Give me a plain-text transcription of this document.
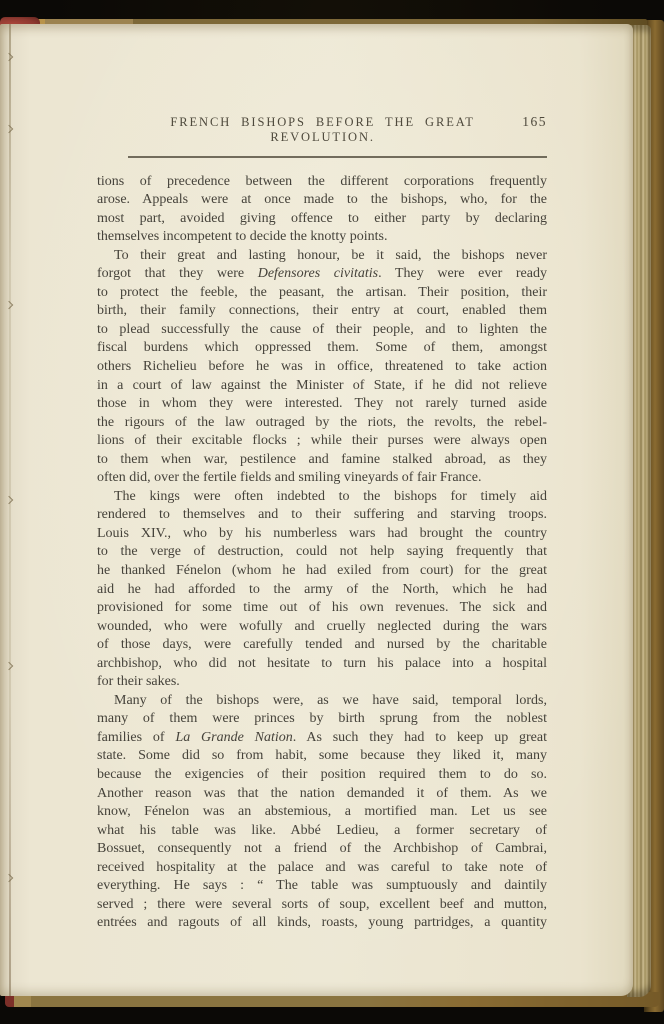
FRENCH BISHOPS BEFORE THE GREAT REVOLUTION.
165
tions of precedence between the different corporations frequently
arose. Appeals were at once made to the bishops, who, for the
most part, avoided giving offence to either party by declaring
themselves incompetent to decide the knotty points.
To their great and lasting honour, be it said, the bishops never
forgot that they were Defensores civitatis. They were ever ready
to protect the feeble, the peasant, the artisan. Their position, their
birth, their family connections, their entry at court, enabled them
to plead successfully the cause of their people, and to lighten the
fiscal burdens which oppressed them. Some of them, amongst
others Richelieu before he was in office, threatened to take action
in a court of law against the Minister of State, if he did not relieve
those in whom they were interested. They not rarely turned aside
the rigours of the law outraged by the riots, the revolts, the rebel-
lions of their excitable flocks ; while their purses were always open
to them when war, pestilence and famine stalked abroad, as they
often did, over the fertile fields and smiling vineyards of fair France.
The kings were often indebted to the bishops for timely aid
rendered to themselves and to their suffering and starving troops.
Louis XIV., who by his numberless wars had brought the country
to the verge of destruction, could not help saying frequently that
he thanked Fénelon (whom he had exiled from court) for the great
aid he had afforded to the army of the North, which he had
provisioned for some time out of his own revenues. The sick and
wounded, who were wofully and cruelly neglected during the wars
of those days, were carefully tended and nursed by the charitable
archbishop, who did not hesitate to turn his palace into a hospital
for their sakes.
Many of the bishops were, as we have said, temporal lords,
many of them were princes by birth sprung from the noblest
families of La Grande Nation. As such they had to keep up great
state. Some did so from habit, some because they liked it, many
because the exigencies of their position required them to do so.
Another reason was that the nation demanded it of them. As we
know, Fénelon was an abstemious, a mortified man. Let us see
what his table was like. Abbé Ledieu, a former secretary of
Bossuet, consequently not a friend of the Archbishop of Cambrai,
received hospitality at the palace and was careful to take note of
everything. He says : “ The table was sumptuously and daintily
served ; there were several sorts of soup, excellent beef and mutton,
entrées and ragouts of all kinds, roasts, young partridges, a quantity
